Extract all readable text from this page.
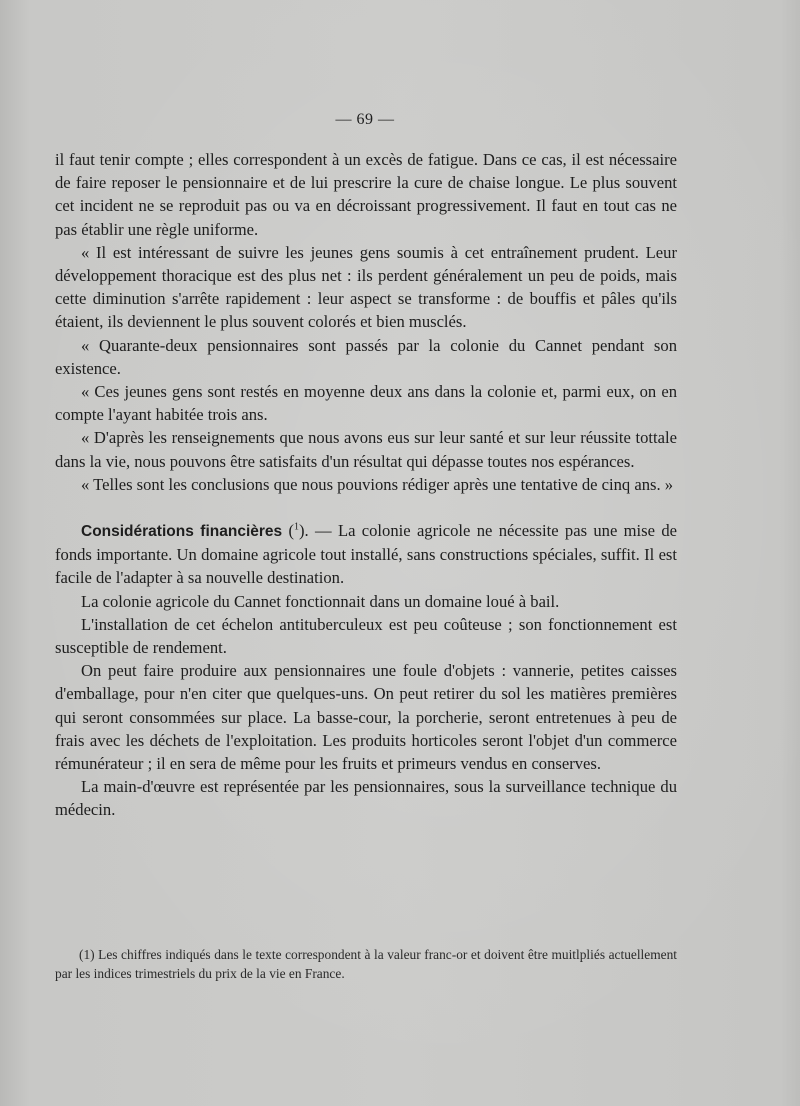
— 69 —

il faut tenir compte ; elles correspondent à un excès de fatigue. Dans ce cas, il est nécessaire de faire reposer le pensionnaire et de lui prescrire la cure de chaise longue. Le plus souvent cet incident ne se reproduit pas ou va en décroissant progressivement. Il faut en tout cas ne pas établir une règle uniforme.

« Il est intéressant de suivre les jeunes gens soumis à cet entraînement prudent. Leur développement thoracique est des plus net : ils perdent généralement un peu de poids, mais cette diminution s'arrête rapidement : leur aspect se transforme : de bouffis et pâles qu'ils étaient, ils deviennent le plus souvent colorés et bien musclés.

« Quarante-deux pensionnaires sont passés par la colonie du Cannet pendant son existence.

« Ces jeunes gens sont restés en moyenne deux ans dans la colonie et, parmi eux, on en compte l'ayant habitée trois ans.

« D'après les renseignements que nous avons eus sur leur santé et sur leur réussite tottale dans la vie, nous pouvons être satisfaits d'un résultat qui dépasse toutes nos espérances.

« Telles sont les conclusions que nous pouvions rédiger après une tentative de cinq ans. »

Considérations financières ($^1$). — La colonie agricole ne nécessite pas une mise de fonds importante. Un domaine agricole tout installé, sans constructions spéciales, suffit. Il est facile de l'adapter à sa nouvelle destination.

La colonie agricole du Cannet fonctionnait dans un domaine loué à bail.

L'installation de cet échelon antituberculeux est peu coûteuse ; son fonctionnement est susceptible de rendement.

On peut faire produire aux pensionnaires une foule d'objets : vannerie, petites caisses d'emballage, pour n'en citer que quelques-uns. On peut retirer du sol les matières premières qui seront consommées sur place. La basse-cour, la porcherie, seront entretenues à peu de frais avec les déchets de l'exploitation. Les produits horticoles seront l'objet d'un commerce rémunérateur ; il en sera de même pour les fruits et primeurs vendus en conserves.

La main-d'œuvre est représentée par les pensionnaires, sous la surveillance technique du médecin.

(1) Les chiffres indiqués dans le texte correspondent à la valeur franc-or et doivent être muitlpliés actuellement par les indices trimestriels du prix de la vie en France.
